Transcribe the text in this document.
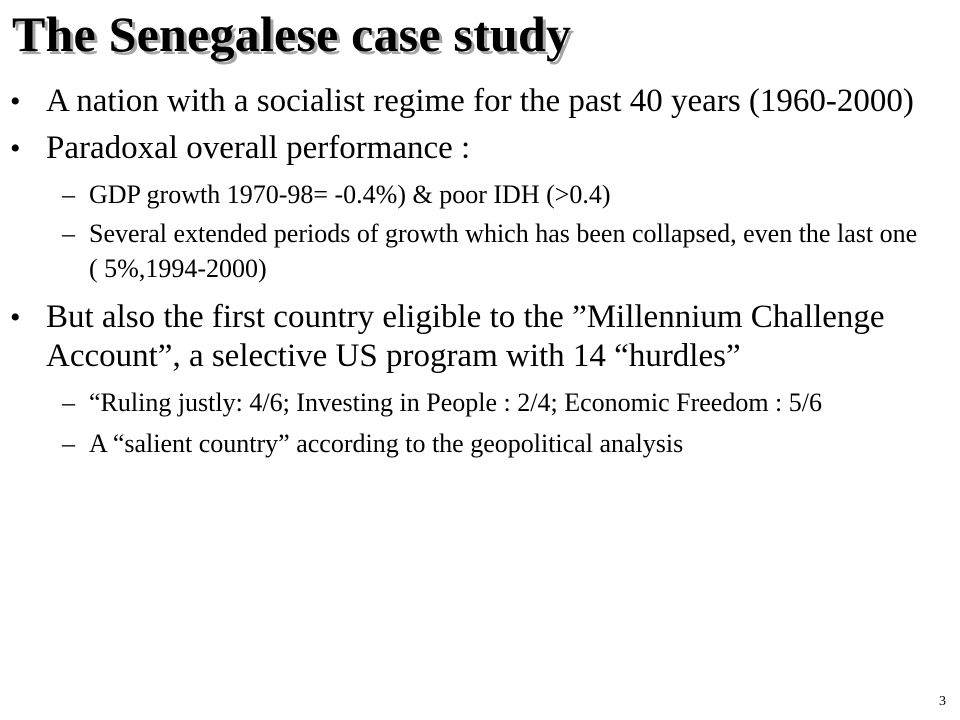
The Senegalese case study
• A nation with a socialist regime for the past 40 years (1960-2000)
• Paradoxal overall performance :
– GDP growth 1970-98= -0.4%) & poor IDH (>0.4)
– Several extended periods of growth which has been collapsed, even the last one ( 5%,1994-2000)
• But also the first country eligible to the ”Millennium Challenge Account”, a selective US program with 14 “hurdles”
– “Ruling justly: 4/6; Investing in People : 2/4; Economic Freedom : 5/6
– A “salient country” according to the geopolitical analysis
3
